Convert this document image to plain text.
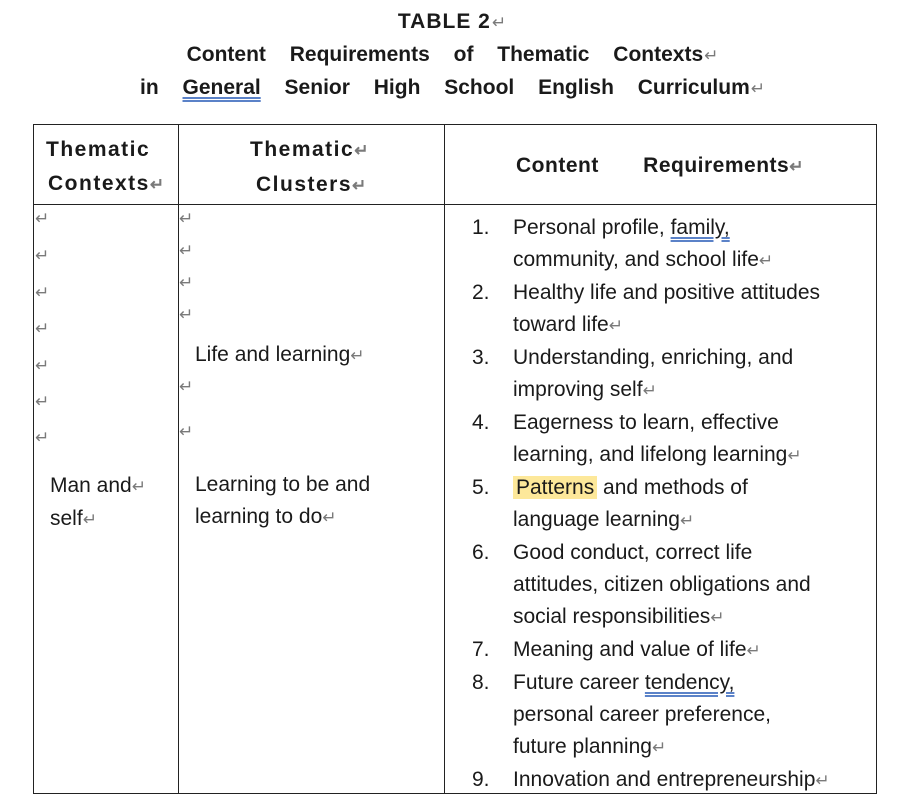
TABLE 2↵
Content Requirements of Thematic Contexts↵
in General Senior High School English Curriculum↵
Thematic
Contexts↵
Thematic↵
Clusters↵
Content       Requirements↵
↵
↵
↵
↵
↵
↵
↵
↵
↵
↵
↵
↵
↵
Man and↵
self↵
Life and learning↵
Learning to be and
learning to do↵
1. Personal profile, family,
community, and school life↵
2. Healthy life and positive attitudes
toward life↵
3. Understanding, enriching, and
improving self↵
4. Eagerness to learn, effective
learning, and lifelong learning↵
5. Patterns and methods of
language learning↵
6. Good conduct, correct life
attitudes, citizen obligations and
social responsibilities↵
7. Meaning and value of life↵
8. Future career tendency,
personal career preference,
future planning↵
9. Innovation and entrepreneurship↵
